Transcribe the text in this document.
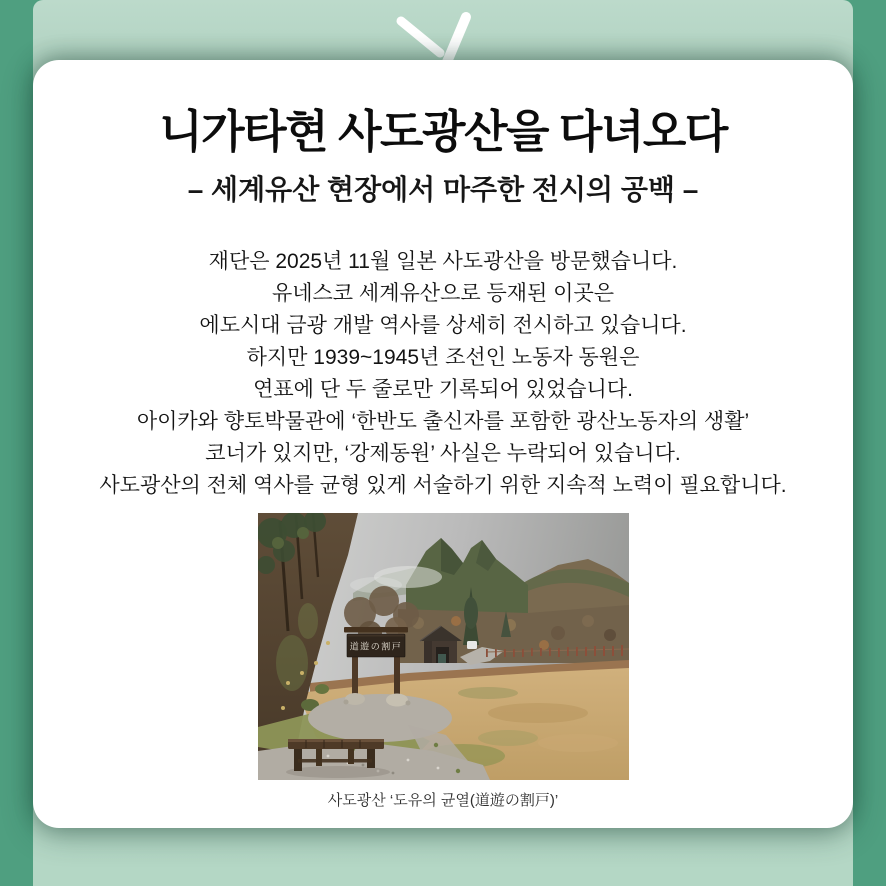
니가타현 사도광산을 다녀오다
– 세계유산 현장에서 마주한 전시의 공백 –
재단은 2025년 11월 일본 사도광산을 방문했습니다.
유네스코 세계유산으로 등재된 이곳은
에도시대 금광 개발 역사를 상세히 전시하고 있습니다.
하지만 1939~1945년 조선인 노동자 동원은
연표에 단 두 줄로만 기록되어 있었습니다.
아이카와 향토박물관에 ‘한반도 출신자를 포함한 광산노동자의 생활’
코너가 있지만, ‘강제동원’ 사실은 누락되어 있습니다.
사도광산의 전체 역사를 균형 있게 서술하기 위한 지속적 노력이 필요합니다.
道遊の割戸
사도광산 ‘도유의 균열(道遊の割戸)’
